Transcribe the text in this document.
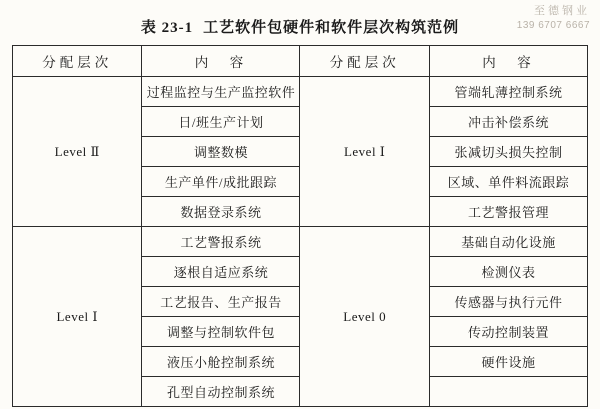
至德钢业
139 6707 6667
表 23-1 工艺软件包硬件和软件层次构筑范例
分配层次	内　容	分配层次	内　容
Level Ⅱ	过程监控与生产监控软件	Level Ⅰ	管端轧薄控制系统
	日/班生产计划		冲击补偿系统
	调整数模		张减切头损失控制
	生产单件/成批跟踪		区域、单件料流跟踪
	数据登录系统		工艺警报管理
Level Ⅰ	工艺警报系统	Level 0	基础自动化设施
	逐根自适应系统		检测仪表
	工艺报告、生产报告		传感器与执行元件
	调整与控制软件包		传动控制装置
	液压小舱控制系统		硬件设施
	孔型自动控制系统		
